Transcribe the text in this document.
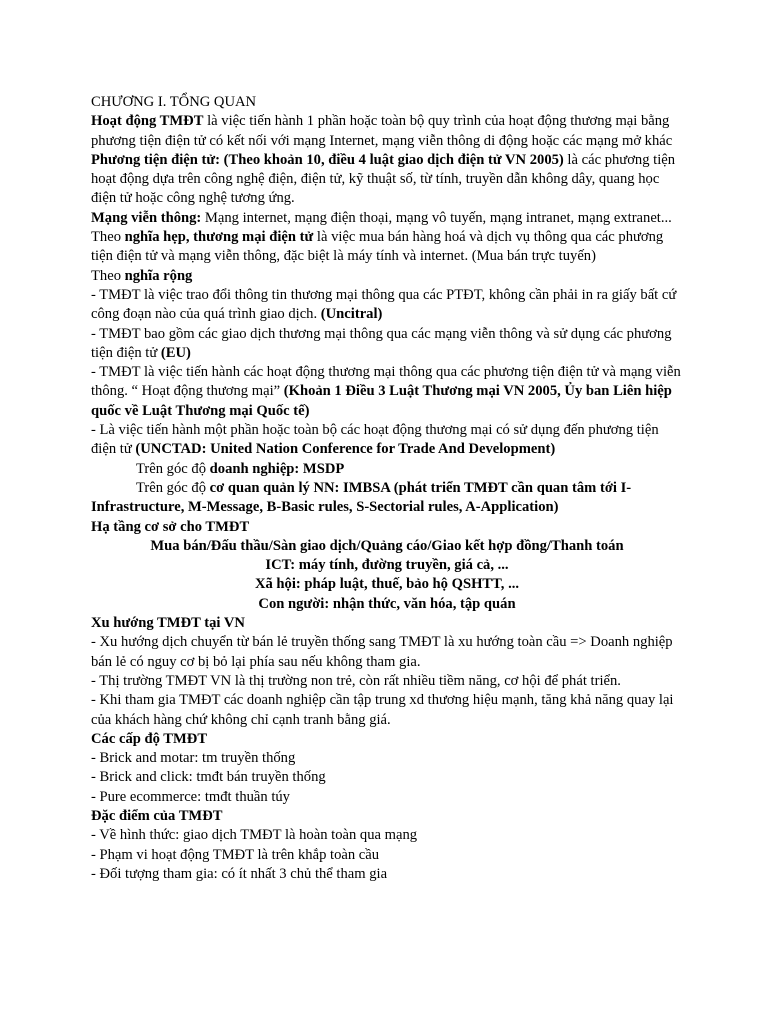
CHƯƠNG I. TỔNG QUAN

Hoạt động TMĐT là việc tiến hành 1 phần hoặc toàn bộ quy trình của hoạt động thương mại bằng phương tiện điện tử có kết nối với mạng Internet, mạng viễn thông di động hoặc các mạng mở khác

Phương tiện điện tử: (Theo khoản 10, điều 4 luật giao dịch điện tử VN 2005) là các phương tiện hoạt động dựa trên công nghệ điện, điện tử, kỹ thuật số, từ tính, truyền dẫn không dây, quang học điện tử hoặc công nghệ tương ứng.

Mạng viễn thông: Mạng internet, mạng điện thoại, mạng vô tuyến, mạng intranet, mạng extranet...

Theo nghĩa hẹp, thương mại điện tử là việc mua bán hàng hoá và dịch vụ thông qua các phương tiện điện tử và mạng viễn thông, đặc biệt là máy tính và internet. (Mua bán trực tuyến)

Theo nghĩa rộng

- TMĐT là việc trao đổi thông tin thương mại thông qua các PTĐT, không cần phải in ra giấy bất cứ công đoạn nào của quá trình giao dịch. (Uncitral)

- TMĐT bao gồm các giao dịch thương mại thông qua các mạng viễn thông và sử dụng các phương tiện điện tử (EU)

- TMĐT là việc tiến hành các hoạt động thương mại thông qua các phương tiện điện tử và mạng viễn thông. “ Hoạt động thương mại” (Khoản 1 Điều 3 Luật Thương mại VN 2005, Ủy ban Liên hiệp quốc về Luật Thương mại Quốc tế)

- Là việc tiến hành một phần hoặc toàn bộ các hoạt động thương mại có sử dụng đến phương tiện điện tử (UNCTAD: United Nation Conference for Trade And Development)

Trên góc độ doanh nghiệp: MSDP

Trên góc độ cơ quan quản lý NN: IMBSA (phát triển TMĐT cần quan tâm tới I-Infrastructure, M-Message, B-Basic rules, S-Sectorial rules, A-Application)

Hạ tầng cơ sở cho TMĐT

Mua bán/Đấu thầu/Sàn giao dịch/Quảng cáo/Giao kết hợp đồng/Thanh toán

ICT: máy tính, đường truyền, giá cả, ...

Xã hội: pháp luật, thuế, bảo hộ QSHTT, ...

Con người: nhận thức, văn hóa, tập quán

Xu hướng TMĐT tại VN

- Xu hướng dịch chuyển từ bán lẻ truyền thống sang TMĐT là xu hướng toàn cầu => Doanh nghiệp bán lẻ có nguy cơ bị bỏ lại phía sau nếu không tham gia.

- Thị trường TMĐT VN là thị trường non trẻ, còn rất nhiều tiềm năng, cơ hội để phát triển.

- Khi tham gia TMĐT các doanh nghiệp cần tập trung xd thương hiệu mạnh, tăng khả năng quay lại của khách hàng chứ không chỉ cạnh tranh bằng giá.

Các cấp độ TMĐT

- Brick and motar: tm truyền thống

- Brick and click: tmđt bán truyền thống

- Pure ecommerce: tmđt thuần túy

Đặc điểm của TMĐT

- Về hình thức: giao dịch TMĐT là hoàn toàn qua mạng

- Phạm vi hoạt động TMĐT là trên khắp toàn cầu

- Đối tượng tham gia: có ít nhất 3 chủ thể tham gia
